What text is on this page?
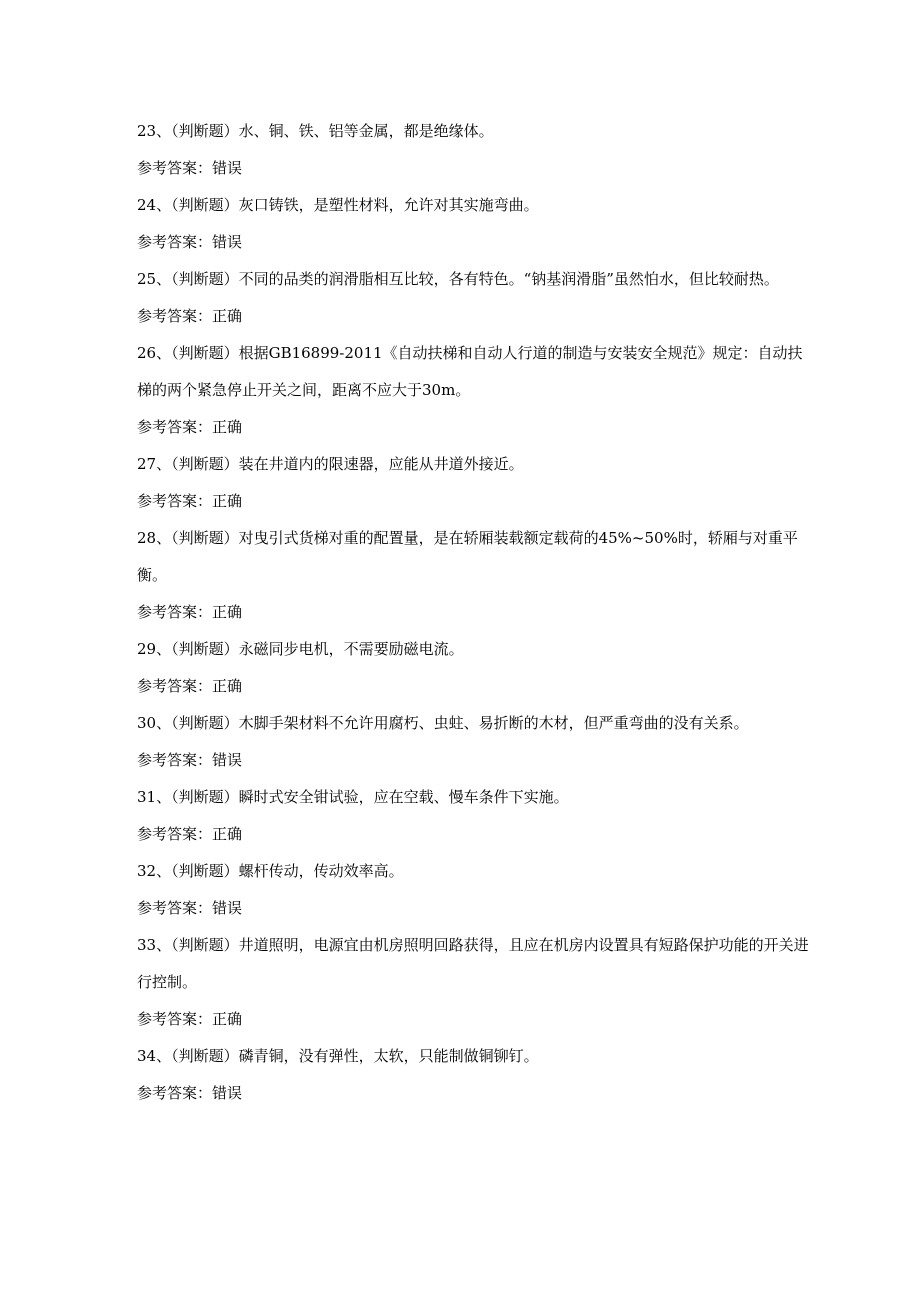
23、（判断题）水、铜、铁、铝等金属，都是绝缘体。

参考答案：错误

24、（判断题）灰口铸铁，是塑性材料，允许对其实施弯曲。

参考答案：错误

25、（判断题）不同的品类的润滑脂相互比较，各有特色。“钠基润滑脂”虽然怕水，但比较耐热。

参考答案：正确

26、（判断题）根据GB16899-2011《自动扶梯和自动人行道的制造与安装安全规范》规定：自动扶梯的两个紧急停止开关之间，距离不应大于30m。

参考答案：正确

27、（判断题）装在井道内的限速器，应能从井道外接近。

参考答案：正确

28、（判断题）对曳引式货梯对重的配置量，是在轿厢装载额定载荷的45%~50%时，轿厢与对重平衡。

参考答案：正确

29、（判断题）永磁同步电机，不需要励磁电流。

参考答案：正确

30、（判断题）木脚手架材料不允许用腐朽、虫蛀、易折断的木材，但严重弯曲的没有关系。

参考答案：错误

31、（判断题）瞬时式安全钳试验，应在空载、慢车条件下实施。

参考答案：正确

32、（判断题）螺杆传动，传动效率高。

参考答案：错误

33、（判断题）井道照明，电源宜由机房照明回路获得，且应在机房内设置具有短路保护功能的开关进行控制。

参考答案：正确

34、（判断题）磷青铜，没有弹性，太软，只能制做铜铆钉。

参考答案：错误
